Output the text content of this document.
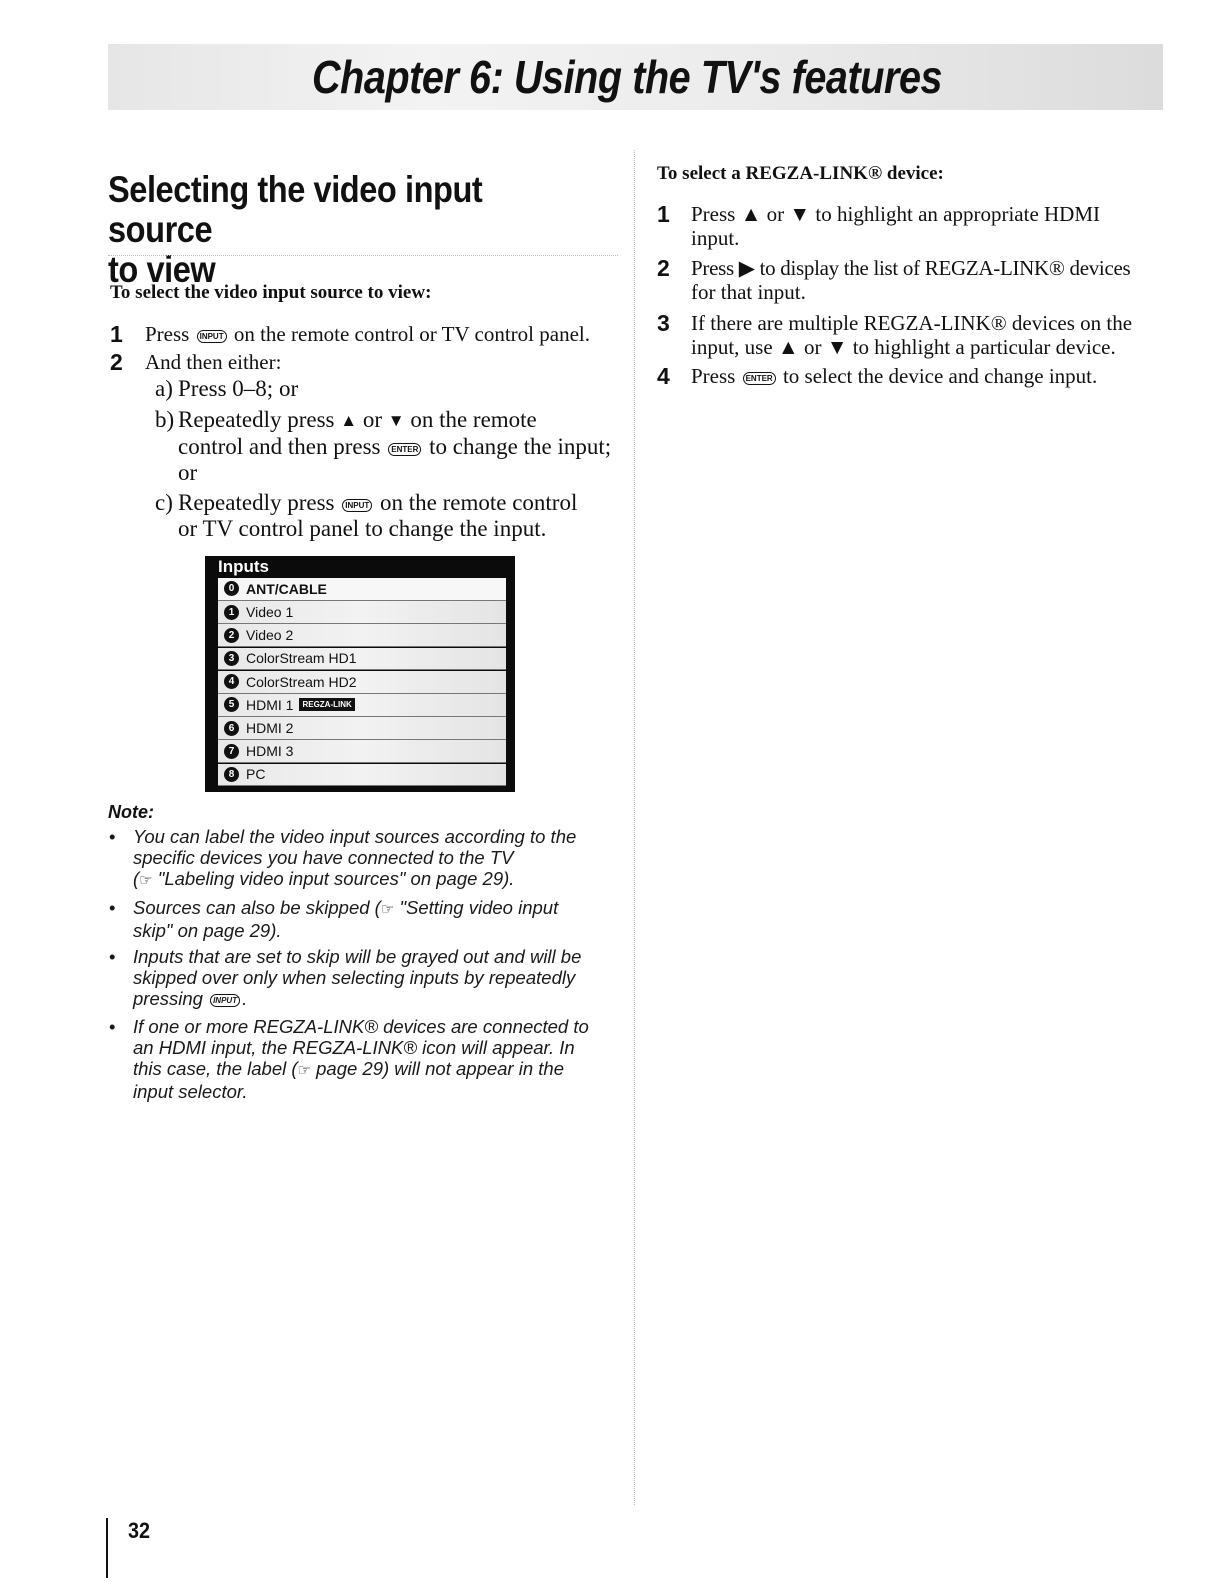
Chapter 6: Using the TV's features
Selecting the video input source
to view
To select the video input source to view:
1	Press INPUT on the remote control or TV control panel.
2	And then either:
a) Press 0–8; or
b) Repeatedly press ▲ or ▼ on the remote
control and then press ENTER to change the input;
or
c) Repeatedly press INPUT on the remote control
or TV control panel to change the input.
Inputs
0 ANT/CABLE
1 Video 1
2 Video 2
3 ColorStream HD1
4 ColorStream HD2
5 HDMI 1	REGZA-LINK
6 HDMI 2
7 HDMI 3
8 PC
Note:
• You can label the video input sources according to the
specific devices you have connected to the TV
(☞ "Labeling video input sources" on page 29).
• Sources can also be skipped (☞ "Setting video input
skip" on page 29).
• Inputs that are set to skip will be grayed out and will be
skipped over only when selecting inputs by repeatedly
pressing INPUT .
• If one or more REGZA-LINK® devices are connected to
an HDMI input, the REGZA-LINK® icon will appear. In
this case, the label (☞ page 29) will not appear in the
input selector.
To select a REGZA-LINK® device:
1	Press ▲ or ▼ to highlight an appropriate HDMI
input.
2	Press ▶ to display the list of REGZA-LINK® devices
for that input.
3	If there are multiple REGZA-LINK® devices on the
input, use ▲ or ▼ to highlight a particular device.
4	Press ENTER to select the device and change input.
32
